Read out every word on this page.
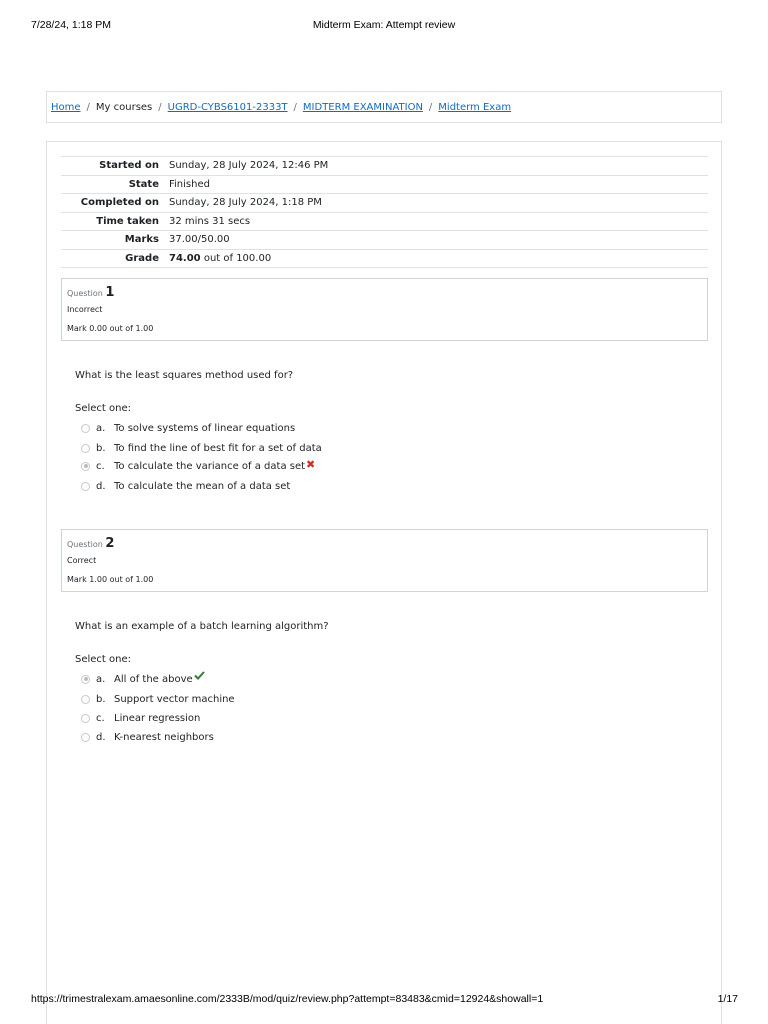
7/28/24, 1:18 PM	Midterm Exam: Attempt review
Home / My courses / UGRD-CYBS6101-2333T / MIDTERM EXAMINATION / Midterm Exam
Started on	Sunday, 28 July 2024, 12:46 PM
State	Finished
Completed on	Sunday, 28 July 2024, 1:18 PM
Time taken	32 mins 31 secs
Marks	37.00/50.00
Grade	74.00 out of 100.00
Question 1
Incorrect
Mark 0.00 out of 1.00
What is the least squares method used for?
Select one:
a. To solve systems of linear equations
b. To find the line of best fit for a set of data
c. To calculate the variance of a data set ✖
d. To calculate the mean of a data set
Question 2
Correct
Mark 1.00 out of 1.00
What is an example of a batch learning algorithm?
Select one:
a. All of the above
b. Support vector machine
c. Linear regression
d. K-nearest neighbors
https://trimestralexam.amaesonline.com/2333B/mod/quiz/review.php?attempt=83483&cmid=12924&showall=1	1/17
